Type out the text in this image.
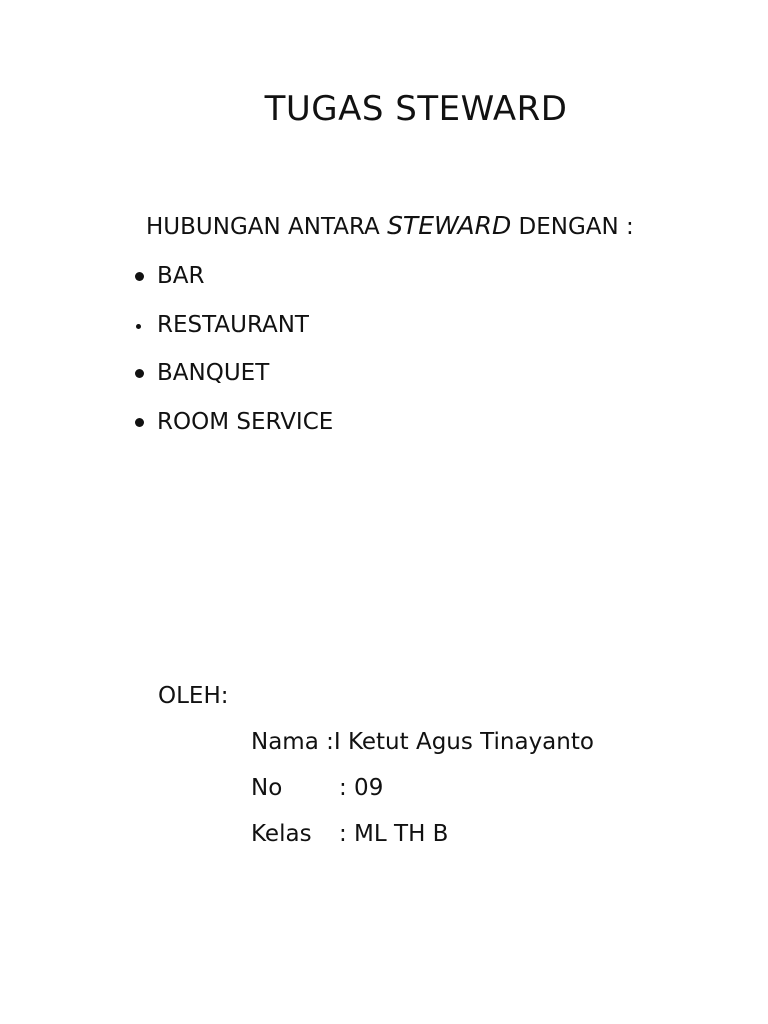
TUGAS STEWARD
HUBUNGAN ANTARA STEWARD DENGAN :
BAR
RESTAURANT
BANQUET
ROOM SERVICE
OLEH:
Nama :I Ketut Agus Tinayanto
No : 09
Kelas : ML TH B
